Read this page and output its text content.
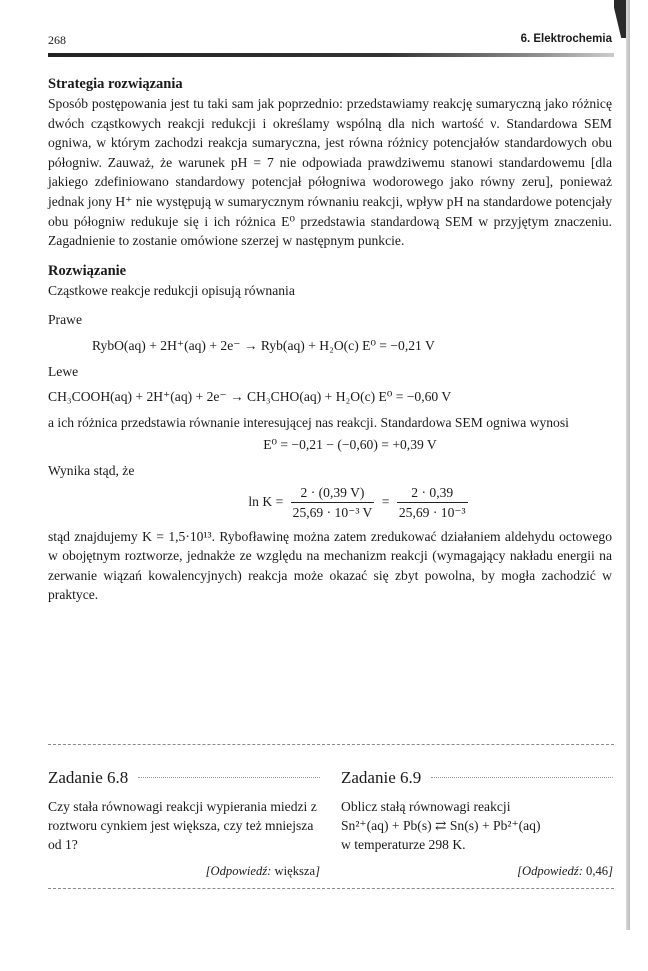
268	6. Elektrochemia

Strategia rozwiązania

Sposób postępowania jest tu taki sam jak poprzednio: przedstawiamy reakcję sumaryczną jako różnicę dwóch cząstkowych reakcji redukcji i określamy wspólną dla nich wartość ν. Standardowa SEM ogniwa, w którym zachodzi reakcja sumaryczna, jest równa różnicy potencjałów standardowych obu półogniw. Zauważ, że warunek pH = 7 nie odpowiada prawdziwemu stanowi standardowemu [dla jakiego zdefiniowano standardowy potencjał półogniwa wodorowego jako równy zeru], ponieważ jednak jony H⁺ nie występują w sumarycznym równaniu reakcji, wpływ pH na standardowe potencjały obu półogniw redukuje się i ich różnica E⁰ przedstawia standardową SEM w przyjętym znaczeniu. Zagadnienie to zostanie omówione szerzej w następnym punkcie.

Rozwiązanie

Cząstkowe reakcje redukcji opisują równania

Prawe

RybO(aq) + 2H⁺(aq) + 2e⁻ → Ryb(aq) + H₂O(c) E⁰ = −0,21 V

Lewe

CH₃COOH(aq) + 2H⁺(aq) + 2e⁻ → CH₃CHO(aq) + H₂O(c) E⁰ = −0,60 V

a ich różnica przedstawia równanie interesującej nas reakcji. Standardowa SEM ogniwa wynosi

E⁰ = −0,21 − (−0,60) = +0,39 V

Wynika stąd, że

$\ln K = \frac{2 \cdot (0,39 V)}{\text{25,69 · 10⁻³ V}} = \frac{2 \cdot 0,39}{\text{25,69 · 10⁻³}}$

stąd znajdujemy K = 1,5·10¹³. Rybofławinę można zatem zredukować działaniem aldehydu octowego w obojętnym roztworze, jednakże ze względu na mechanizm reakcji (wymagający nakładu energii na zerwanie wiązań kowalencyjnych) reakcja może okazać się zbyt powolna, by mogła zachodzić w praktyce.

Zadanie 6.8

Czy stała równowagi reakcji wypierania miedzi z roztworu cynkiem jest większa, czy też mniejsza od 1?

[Odpowiedź: większa]

Zadanie 6.9

Oblicz stałą równowagi reakcji

Sn²⁺(aq) + Pb(s) ⇄ Sn(s) + Pb²⁺(aq)

w temperaturze 298 K.

[Odpowiedź: 0,46]
